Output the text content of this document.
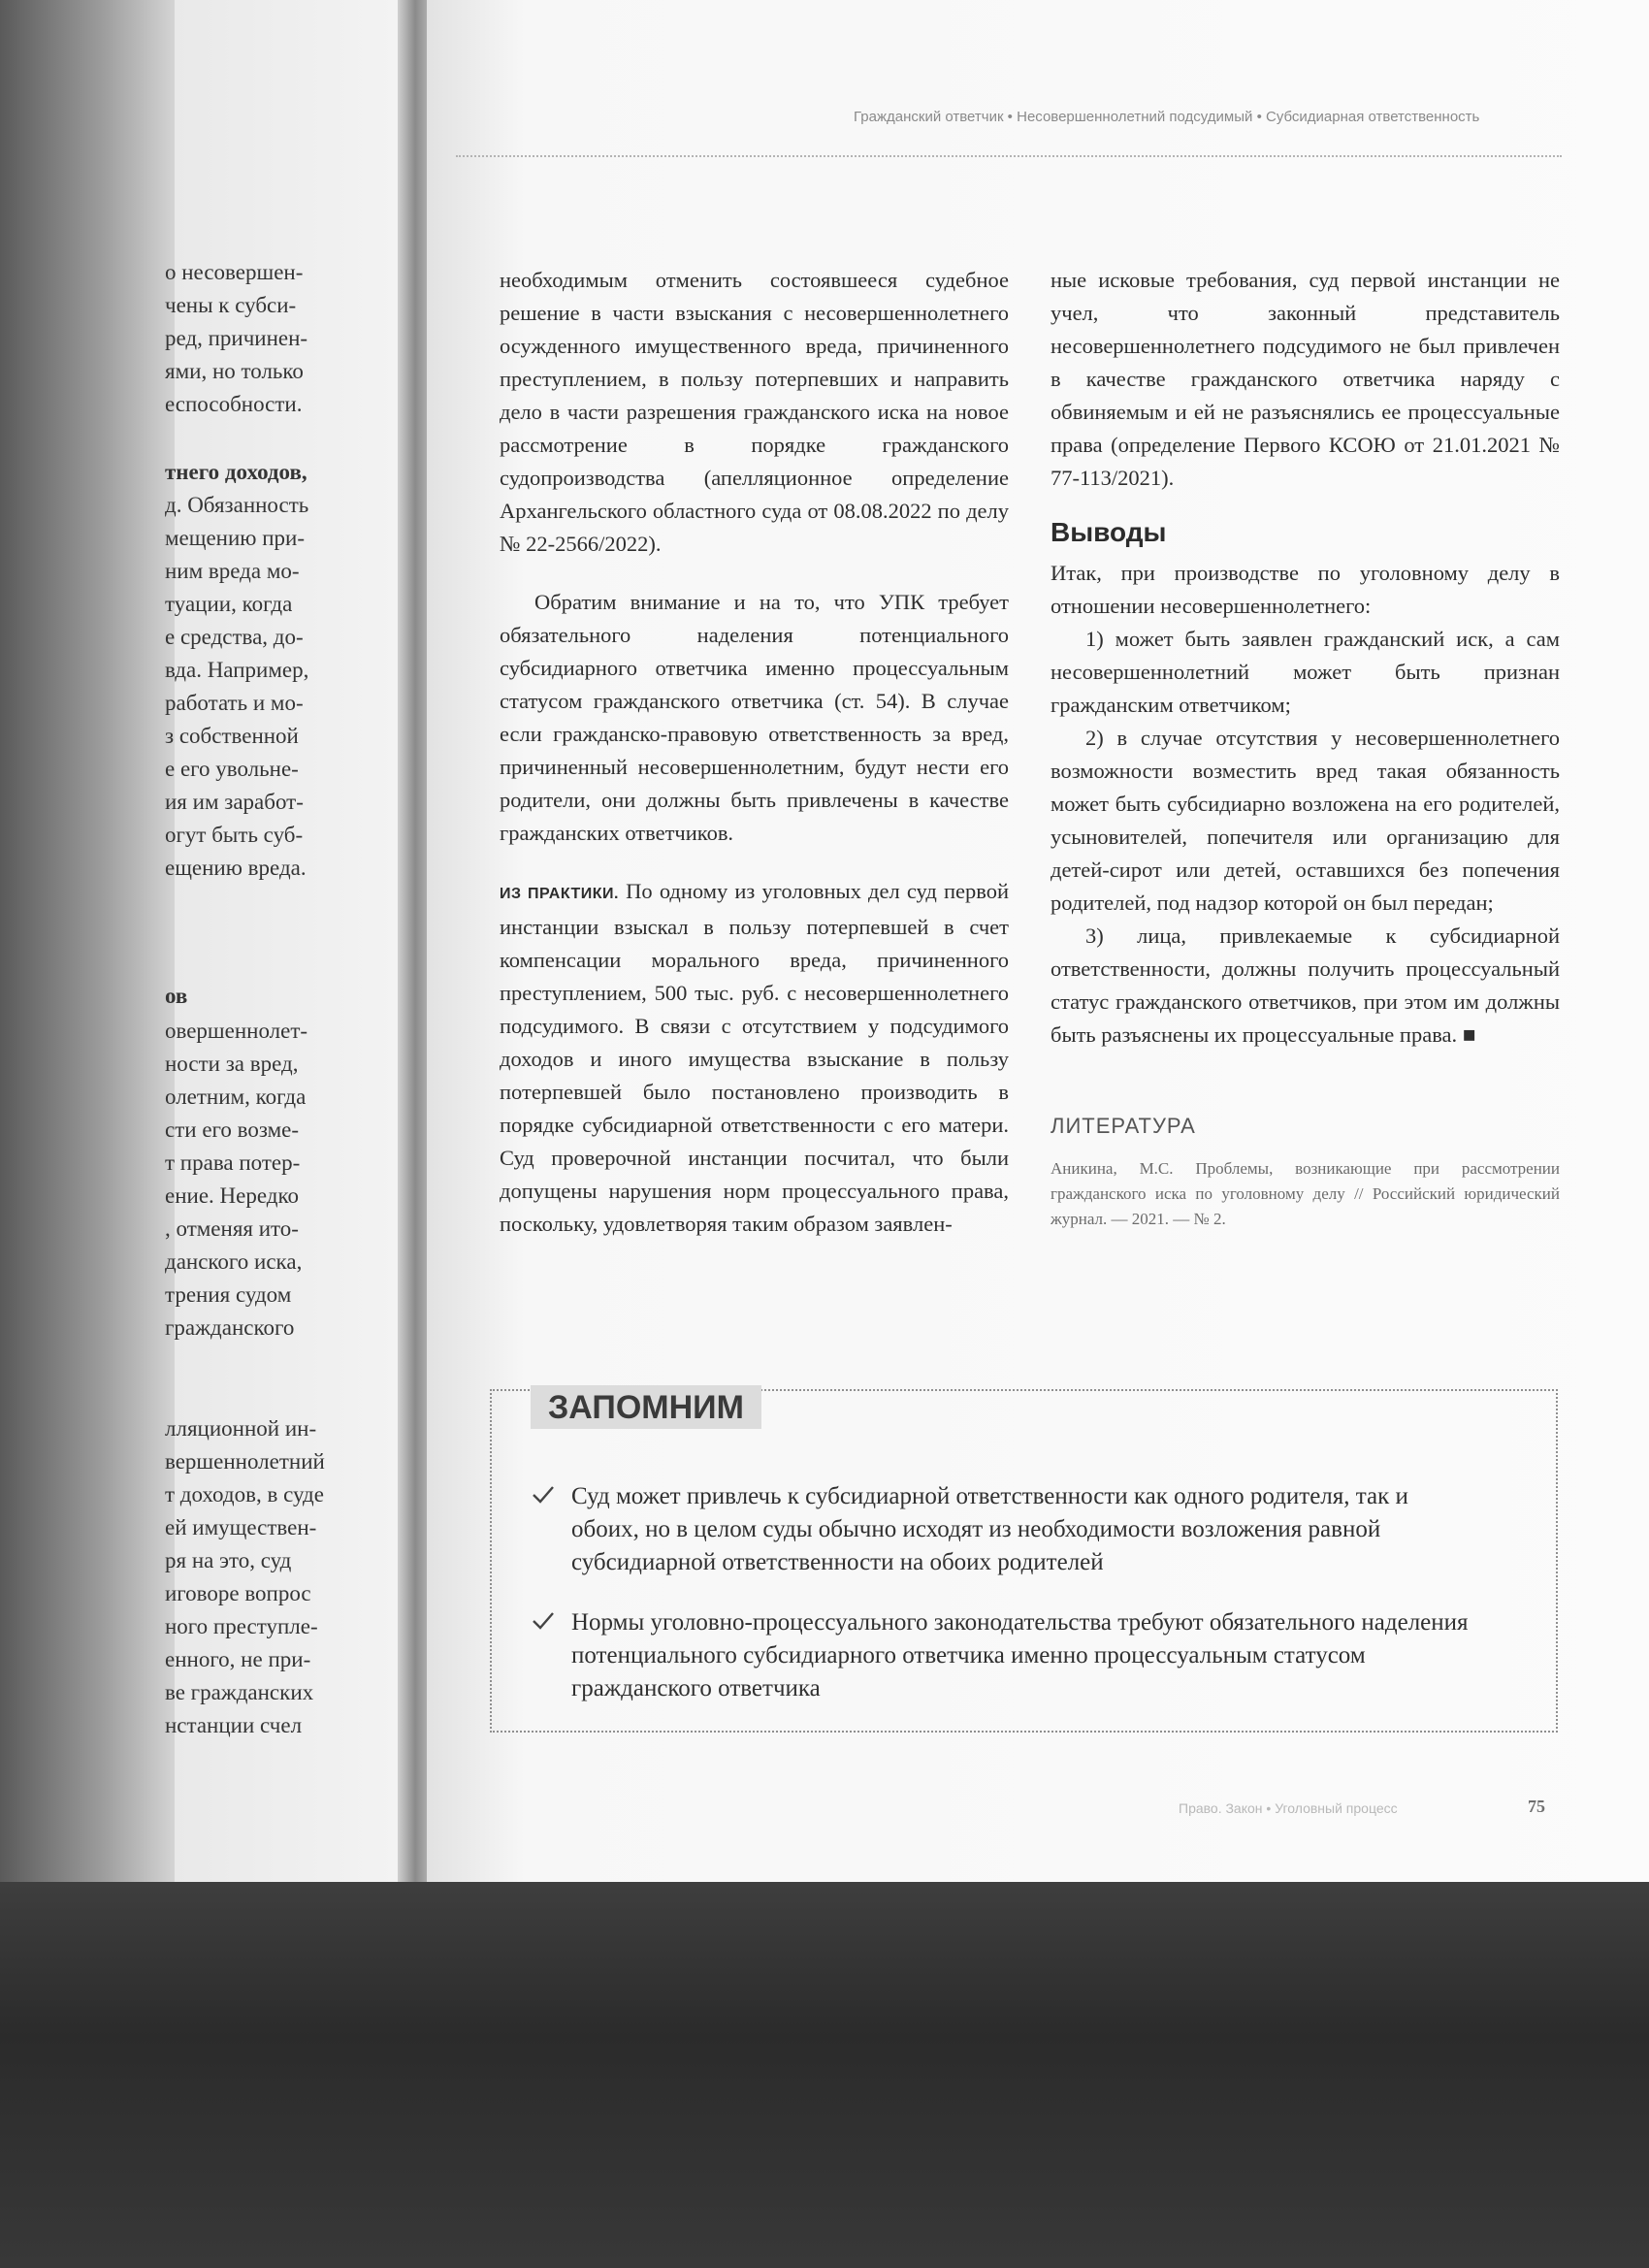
о несовершен-
чены к субси-
ред, причинен-
ями, но только
еспособности.
тнего доходов,
д. Обязанность
мещению при-
ним вреда мо-
туации, когда
е средства, до-
вда. Например,
работать и мо-
з собственной
е его увольне-
ия им заработ-
огут быть суб-
ещению вреда.
ов
овершеннолет-
ности за вред,
олетним, когда
сти его возме-
т права потер-
ение. Нередко
, отменяя ито-
данского иска,
трения судом
гражданского
лляционной ин-
вершеннолетний
т доходов, в суде
ей имуществен-
ря на это, суд
иговоре вопрос
ного преступле-
енного, не при-
ве гражданских
нстанции счел
Гражданский ответчик • Несовершеннолетний подсудимый • Субсидиарная ответственность

необходимым отменить состоявшееся судебное решение в части взыскания с несовершеннолетнего осужденного имущественного вреда, причиненного преступлением, в пользу потерпевших и направить дело в части разрешения гражданского иска на новое рассмотрение в порядке гражданского судопроизводства (апелляционное определение Архангельского областного суда от 08.08.2022 по делу № 22-2566/2022).

Обратим внимание и на то, что УПК требует обязательного наделения потенциального субсидиарного ответчика именно процессуальным статусом гражданского ответчика (ст. 54). В случае если гражданско-правовую ответственность за вред, причиненный несовершеннолетним, будут нести его родители, они должны быть привлечены в качестве гражданских ответчиков.

ИЗ ПРАКТИКИ. По одному из уголовных дел суд первой инстанции взыскал в пользу потерпевшей в счет компенсации морального вреда, причиненного преступлением, 500 тыс. руб. с несовершеннолетнего подсудимого. В связи с отсутствием у подсудимого доходов и иного имущества взыскание в пользу потерпевшей было постановлено производить в порядке субсидиарной ответственности с его матери. Суд проверочной инстанции посчитал, что были допущены нарушения норм процессуального права, поскольку, удовлетворяя таким образом заявлен-

ные исковые требования, суд первой инстанции не учел, что законный представитель несовершеннолетнего подсудимого не был привлечен в качестве гражданского ответчика наряду с обвиняемым и ей не разъяснялись ее процессуальные права (определение Первого КСОЮ от 21.01.2021 № 77-113/2021).

Выводы

Итак, при производстве по уголовному делу в отношении несовершеннолетнего:

1) может быть заявлен гражданский иск, а сам несовершеннолетний может быть признан гражданским ответчиком;

2) в случае отсутствия у несовершеннолетнего возможности возместить вред такая обязанность может быть субсидиарно возложена на его родителей, усыновителей, попечителя или организацию для детей-сирот или детей, оставшихся без попечения родителей, под надзор которой он был передан;

3) лица, привлекаемые к субсидиарной ответственности, должны получить процессуальный статус гражданского ответчиков, при этом им должны быть разъяснены их процессуальные права. ■

ЛИТЕРАТУРА
Аникина, М.С. Проблемы, возникающие при рассмотрении гражданского иска по уголовному делу // Российский юридический журнал. — 2021. — № 2.
ЗАПОМНИМ
Суд может привлечь к субсидиарной ответственности как одного родителя, так и обоих, но в целом суды обычно исходят из необходимости возложения равной субсидиарной ответственности на обоих родителей
Нормы уголовно-процессуального законодательства требуют обязательного наделения потенциального субсидиарного ответчика именно процессуальным статусом гражданского ответчика
Право. Закон • Уголовный процесс	75
